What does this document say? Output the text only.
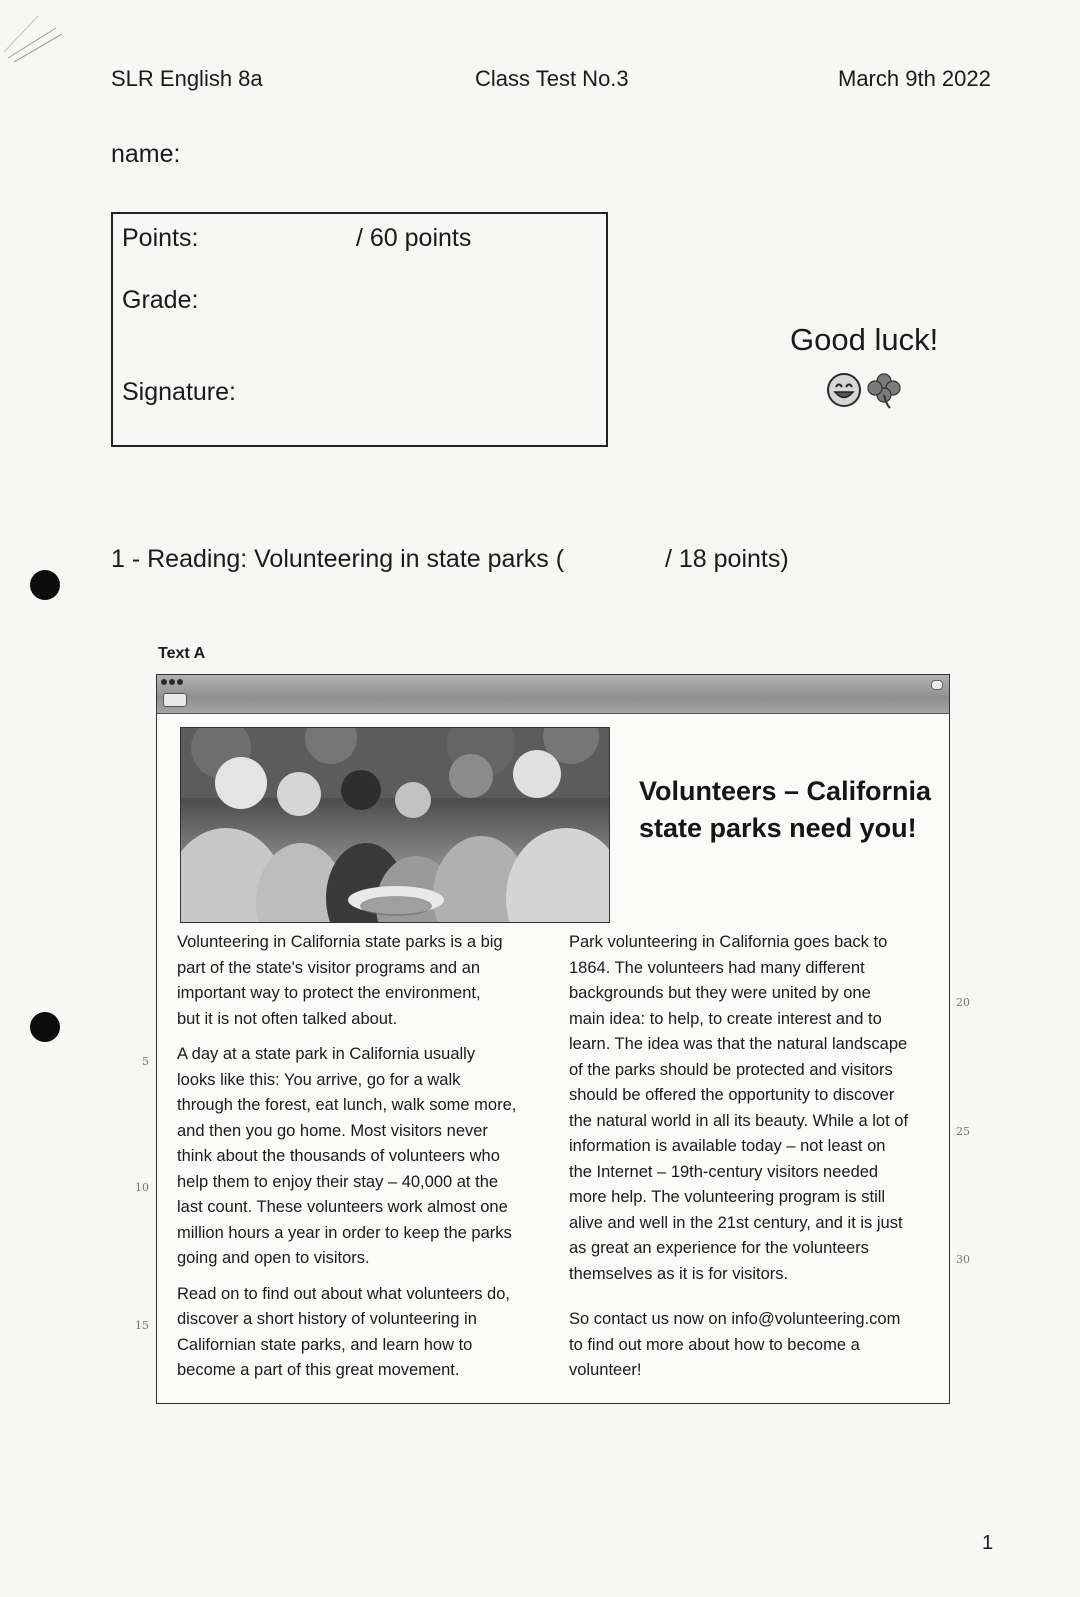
SLR English 8a	Class Test No.3	March 9th 2022
name:
Points:	/ 60 points
Grade:
Signature:
Good luck!
1 - Reading: Volunteering in state parks (	/ 18 points)
Text A
Volunteers – California state parks need you!

Volunteering in California state parks is a big
part of the state's visitor programs and an
important way to protect the environment,
but it is not often talked about.

A day at a state park in California usually
looks like this: You arrive, go for a walk
through the forest, eat lunch, walk some more,
and then you go home. Most visitors never
think about the thousands of volunteers who
help them to enjoy their stay – 40,000 at the
last count. These volunteers work almost one
million hours a year in order to keep the parks
going and open to visitors.

Read on to find out about what volunteers do,
discover a short history of volunteering in
Californian state parks, and learn how to
become a part of this great movement.

Park volunteering in California goes back to
1864. The volunteers had many different
backgrounds but they were united by one
main idea: to help, to create interest and to
learn. The idea was that the natural landscape
of the parks should be protected and visitors
should be offered the opportunity to discover
the natural world in all its beauty. While a lot of
information is available today – not least on
the Internet – 19th-century visitors needed
more help. The volunteering program is still
alive and well in the 21st century, and it is just
as great an experience for the volunteers
themselves as it is for visitors.

So contact us now on info@volunteering.com
to find out more about how to become a
volunteer!

5
10
15
20
25
30
1
